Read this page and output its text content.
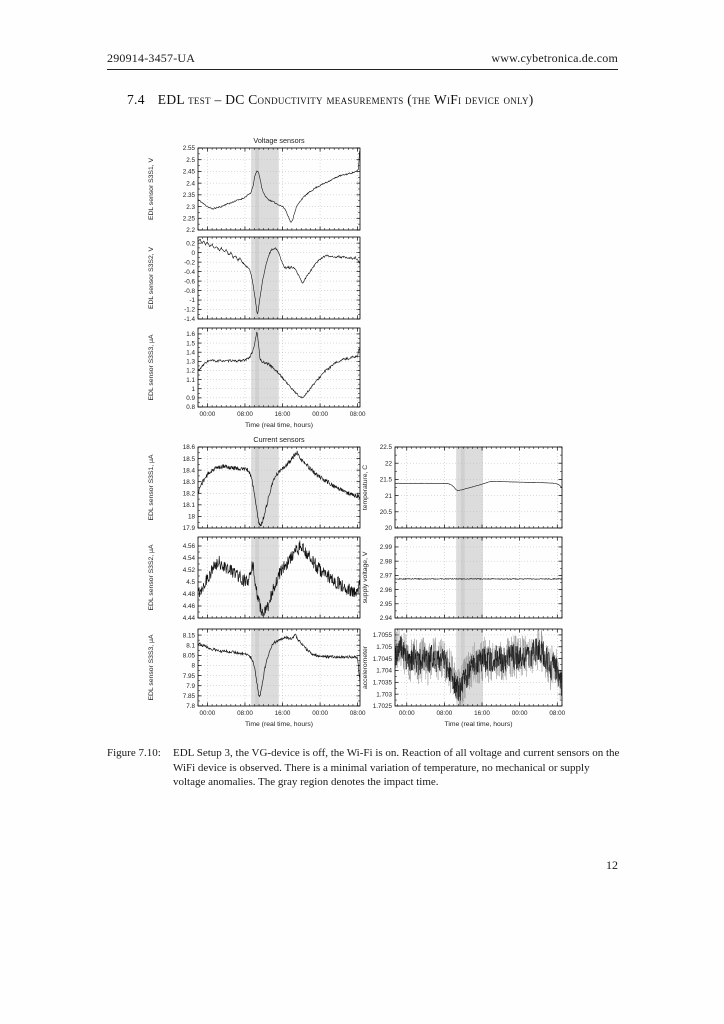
290914-3457-UA	www.cybetronica.de.com
7.4 EDL test – DC Conductivity measurements (the WiFi device only)
2.2
2.25
2.3
2.35
2.4
2.45
2.5
2.55
Voltage sensors
EDL sensor S3S1, V
-1.4
-1.2
-1
-0.8
-0.6
-0.4
-0.2
0
0.2
EDL sensor S3S2, V
0.8
0.9
1
1.1
1.2
1.3
1.4
1.5
1.6
00:00	08:00	16:00	00:00	08:00
EDL sensor S3S3, µA
Time (real time, hours)
17.9
18
18.1
18.2
18.3
18.4
18.5
18.6
Current sensors
EDL sensor S3S1, µA
4.44
4.46
4.48
4.5
4.52
4.54
4.56
EDL sensor S3S2, µA
7.8
7.85
7.9
7.95
8
8.05
8.1
8.15
00:00	08:00	16:00	00:00	08:00
EDL sensor S3S3, µA
Time (real time, hours)
20
20.5
21
21.5
22
22.5
temperature, C
2.94
2.95
2.96
2.97
2.98
2.99
supply voltage, V
1.7025
1.703
1.7035
1.704
1.7045
1.705
1.7055
00:00	08:00	16:00	00:00	08:00
accelerometer
Time (real time, hours)
Figure 7.10:	EDL Setup 3, the VG-device is off, the Wi-Fi is on. Reaction of all voltage and current sensors on the WiFi device is observed. There is a minimal variation of temperature, no mechanical or supply voltage anomalies. The gray region denotes the impact time.
12
